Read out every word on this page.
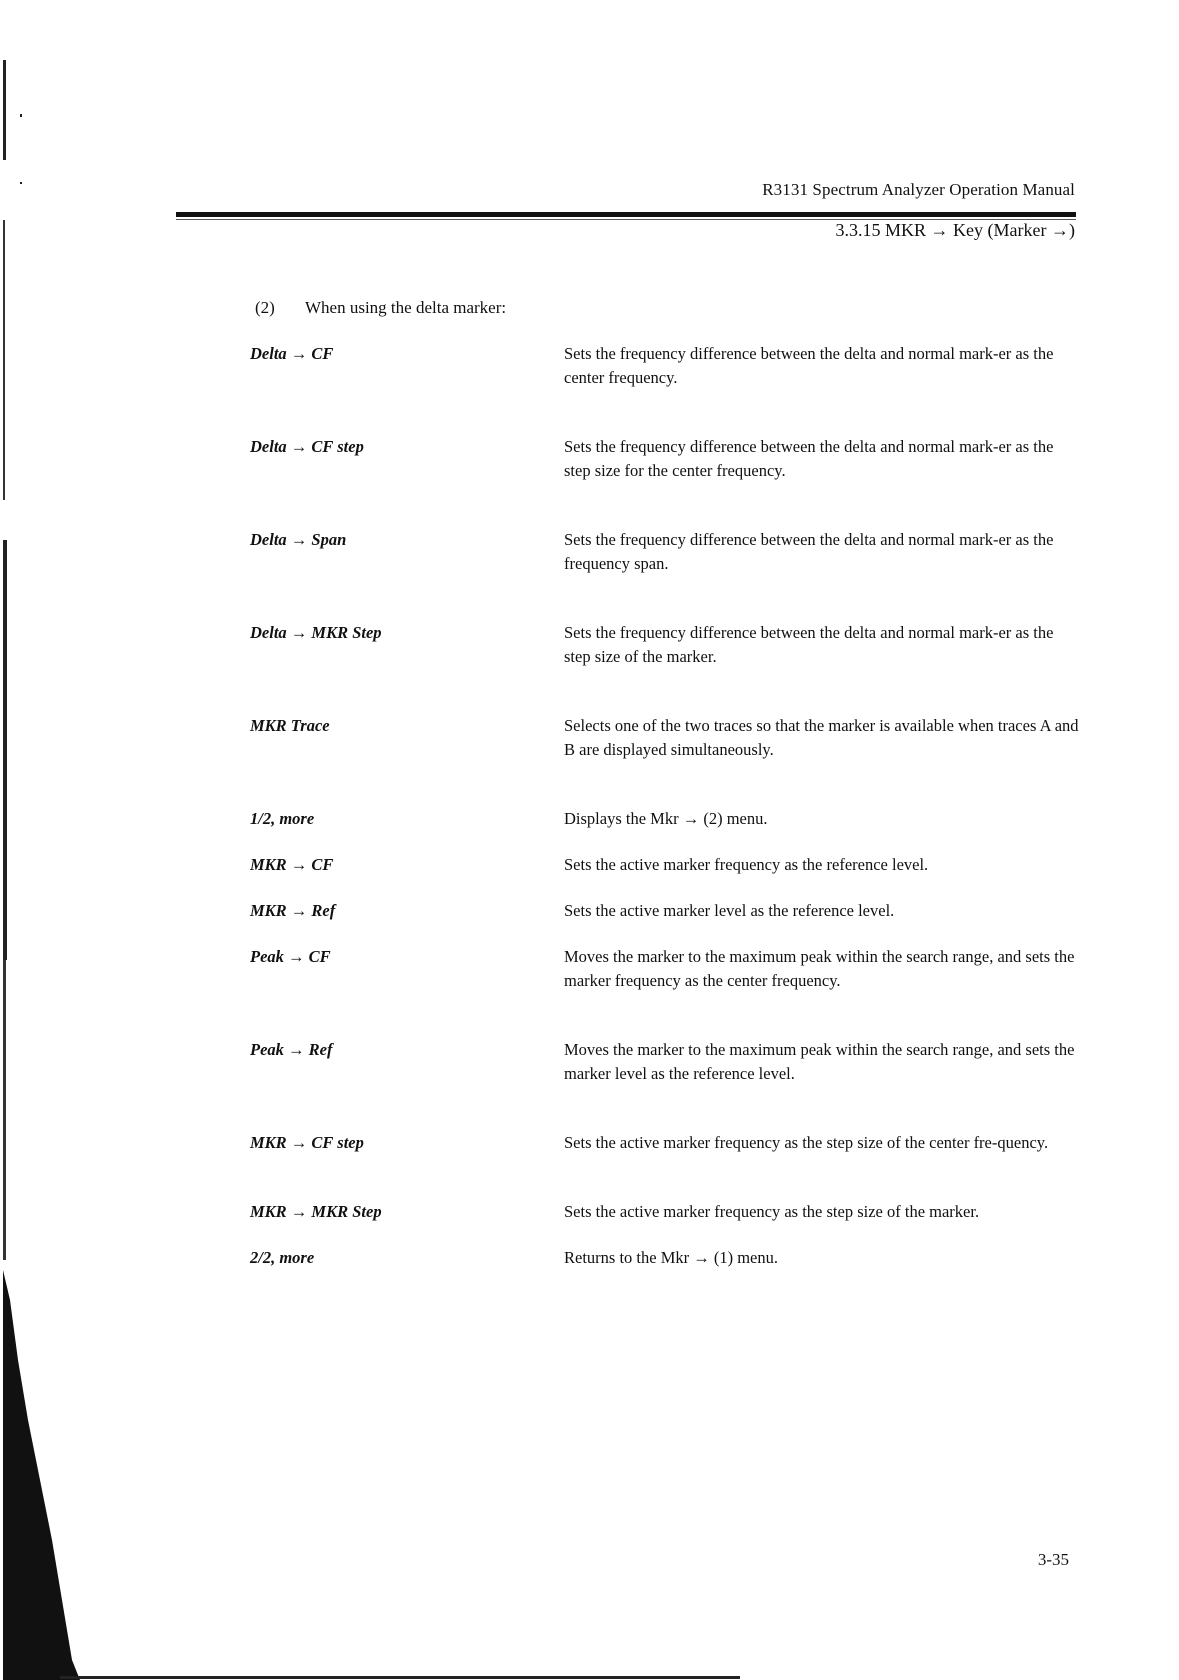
R3131 Spectrum Analyzer Operation Manual
3.3.15 MKR → Key (Marker →)
(2) When using the delta marker:
Delta → CF	Sets the frequency difference between the delta and normal mark-er as the center frequency.
Delta → CF step	Sets the frequency difference between the delta and normal mark-er as the step size for the center frequency.
Delta → Span	Sets the frequency difference between the delta and normal mark-er as the frequency span.
Delta → MKR Step	Sets the frequency difference between the delta and normal mark-er as the step size of the marker.
MKR Trace	Selects one of the two traces so that the marker is available when traces A and B are displayed simultaneously.
1/2, more	Displays the Mkr → (2) menu.
MKR → CF	Sets the active marker frequency as the reference level.
MKR → Ref	Sets the active marker level as the reference level.
Peak → CF	Moves the marker to the maximum peak within the search range, and sets the marker frequency as the center frequency.
Peak → Ref	Moves the marker to the maximum peak within the search range, and sets the marker level as the reference level.
MKR → CF step	Sets the active marker frequency as the step size of the center fre-quency.
MKR → MKR Step	Sets the active marker frequency as the step size of the marker.
2/2, more	Returns to the Mkr → (1) menu.
3-35
